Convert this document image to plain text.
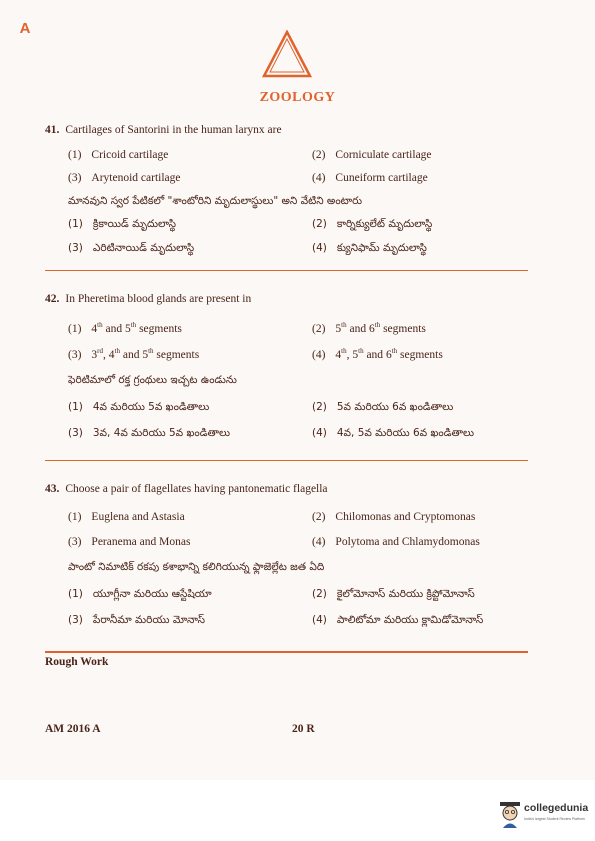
A
ZOOLOGY
41. Cartilages of Santorini in the human larynx are
(1) Cricoid cartilage	(2) Corniculate cartilage
(3) Arytenoid cartilage	(4) Cuneiform cartilage
మానవుని స్వర పేటికలో "శాంటోరిని మృదులాస్థులు" అని వేటిని అంటారు
(1) క్రికాయిడ్ మృదులాస్థి	(2) కార్నిక్యులేట్ మృదులాస్థి
(3) ఎరిటినాయిడ్ మృదులాస్థి	(4) క్యునిఫామ్ మృదులాస్థి
42. In Pheretima blood glands are present in
(1) 4th and 5th segments	(2) 5th and 6th segments
(3) 3rd, 4th and 5th segments	(4) 4th, 5th and 6th segments
ఫెరిటిమాలో రక్త గ్రంథులు ఇచ్చట ఉండును
(1) 4వ మరియు 5వ ఖండితాలు	(2) 5వ మరియు 6వ ఖండితాలు
(3) 3వ, 4వ మరియు 5వ ఖండితాలు	(4) 4వ, 5వ మరియు 6వ ఖండితాలు
43. Choose a pair of flagellates having pantonematic flagella
(1) Euglena and Astasia	(2) Chilomonas and Cryptomonas
(3) Peranema and Monas	(4) Polytoma and Chlamydomonas
పాంటో నిమాటిక్ రకపు కశాభాన్ని కలిగియున్న ఫ్లాజెల్లేట జత ఏది
(1) యూగ్లీనా మరియు ఆస్టేషియా	(2) కైలోమోనాస్ మరియు క్రిప్టోమోనాస్
(3) పేరానీమా మరియు మోనాస్	(4) పాలిటోమా మరియు క్లామిడోమోనాస్
Rough Work
AM 2016 A	20 R
collegedunia
India's largest Student Review Platform
